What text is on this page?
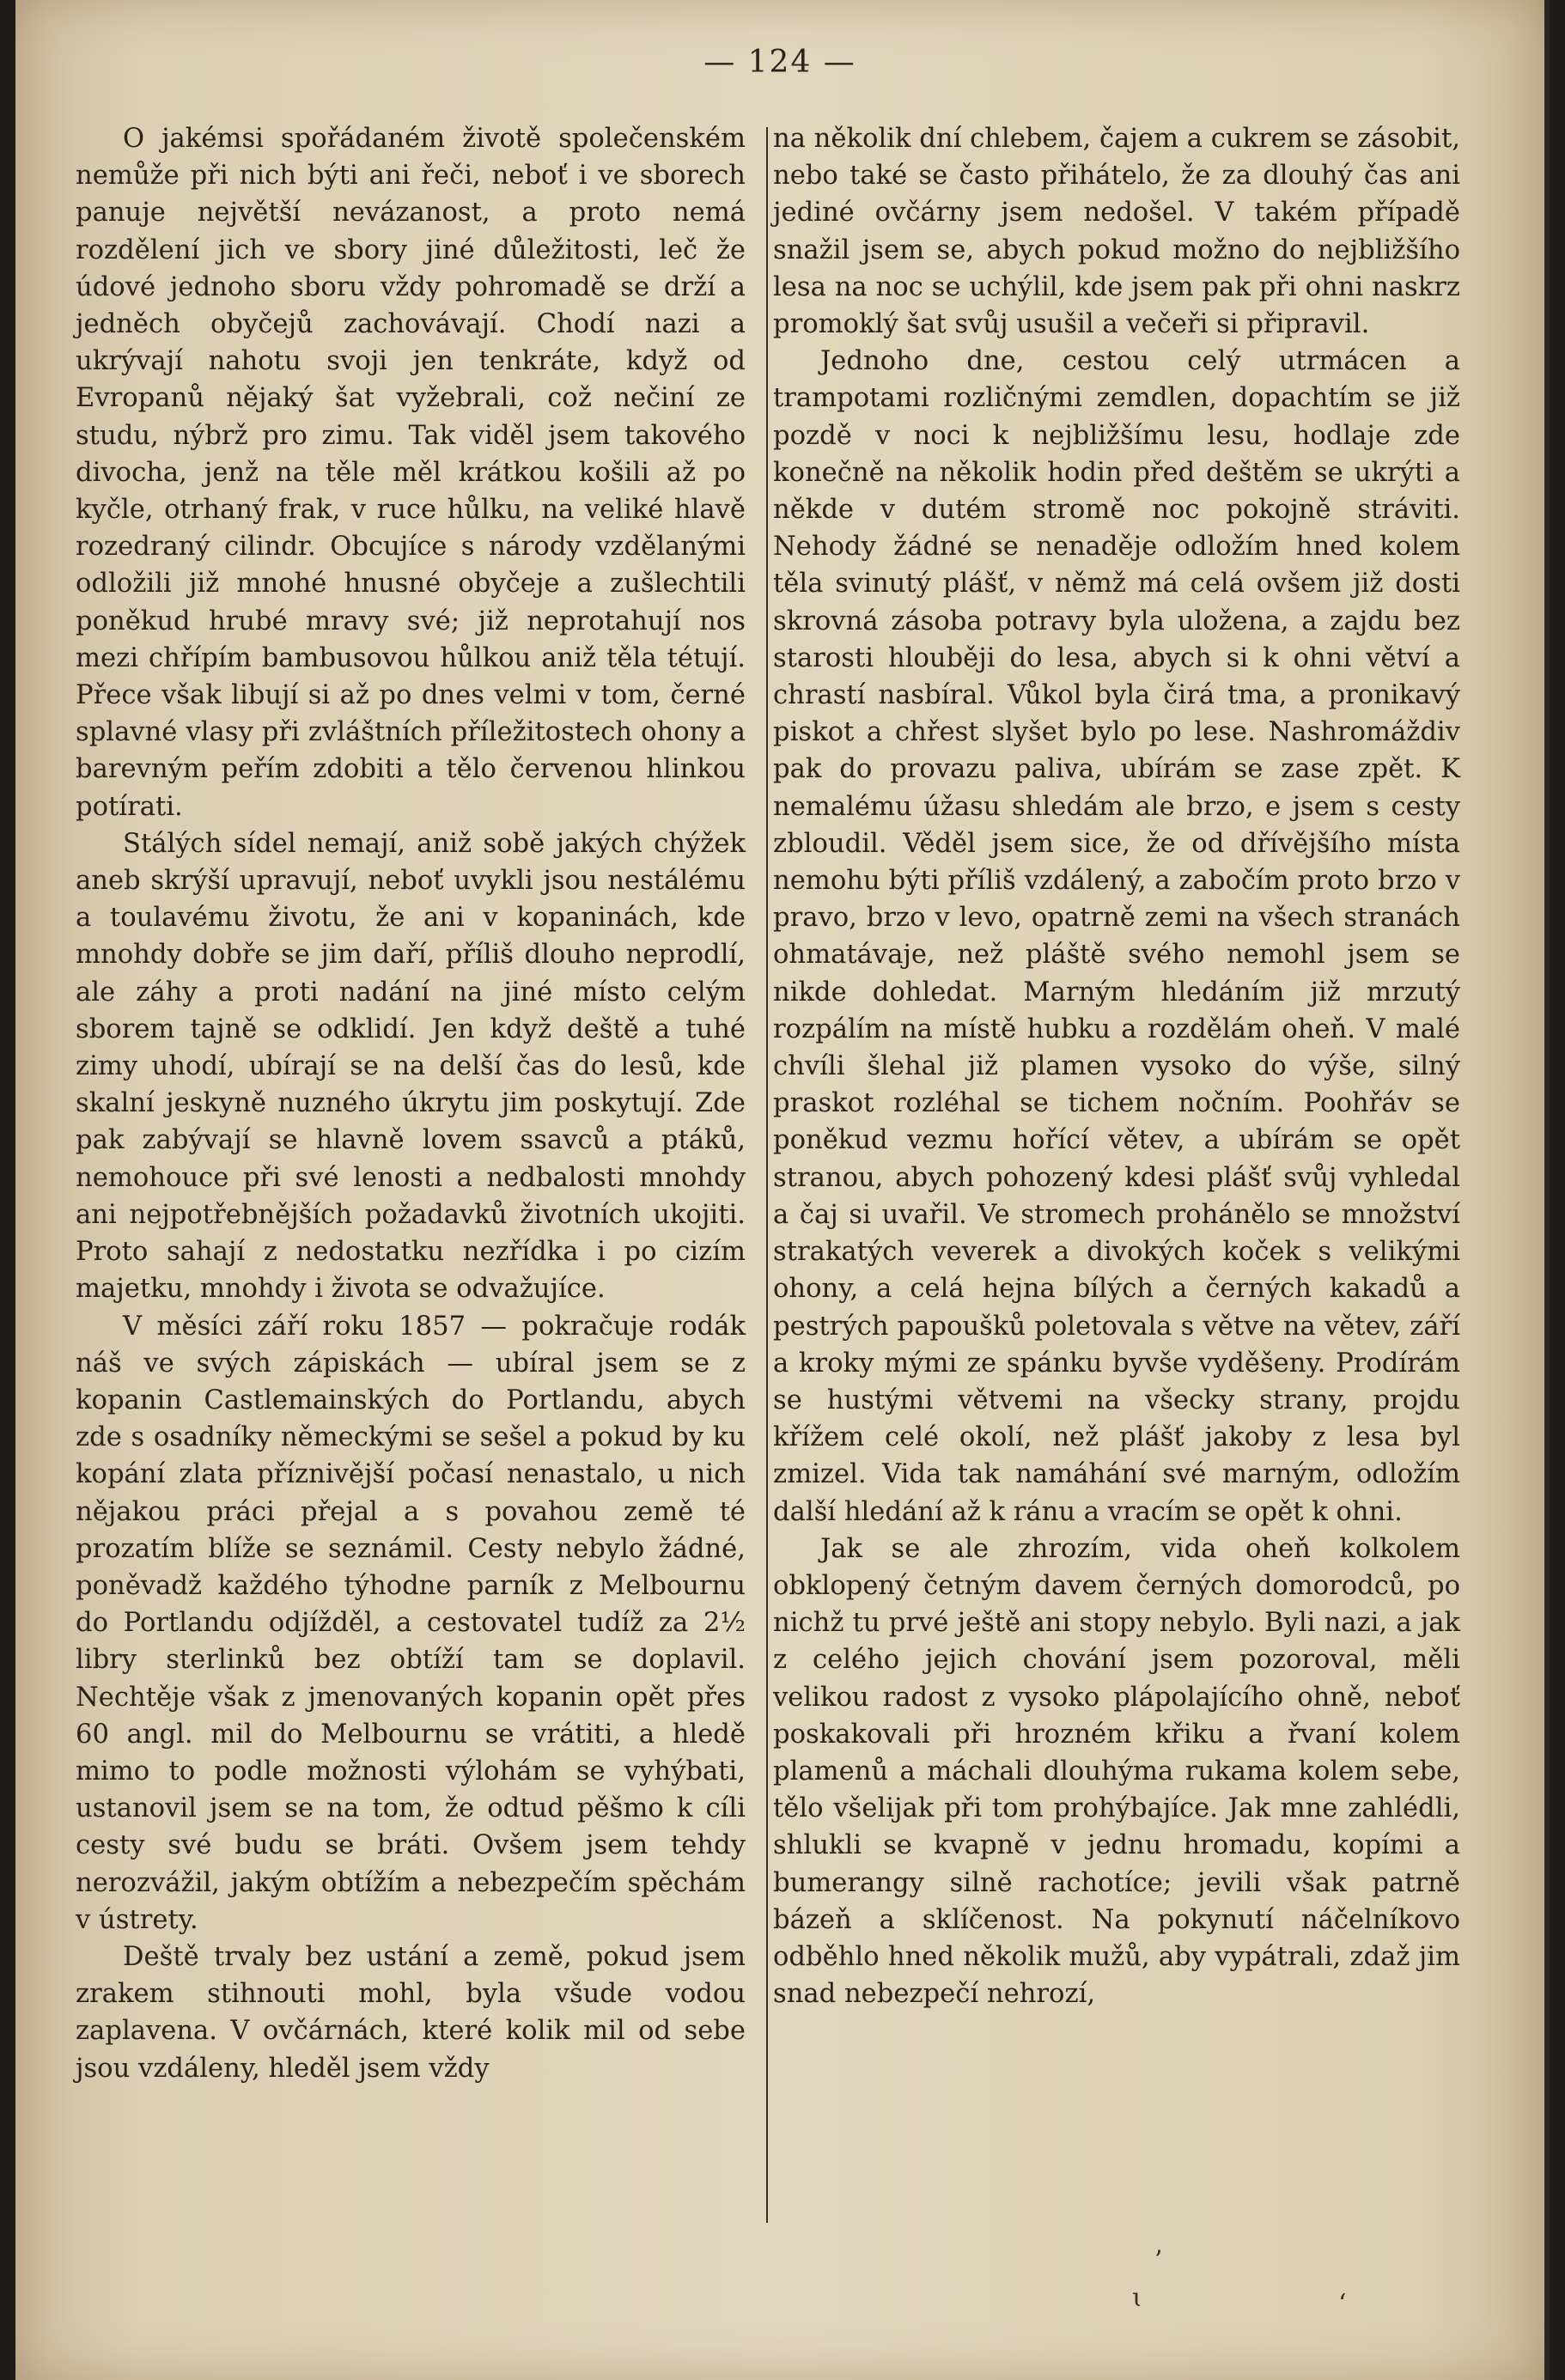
— 124 —

O jakémsi spořádaném životě společenském nemůže při nich býti ani řeči, neboť i ve sborech panuje největší nevázanost, a proto nemá rozdělení jich ve sbory jiné důležitosti, leč že údové jednoho sboru vždy pohromadě se drží a jedněch obyčejů zachovávají. Chodí nazi a ukrývají nahotu svoji jen tenkráte, když od Evropanů nějaký šat vyžebrali, což nečiní ze studu, nýbrž pro zimu. Tak viděl jsem takového divocha, jenž na těle měl krátkou košili až po kyčle, otrhaný frak, v ruce hůlku, na veliké hlavě rozedraný cilindr. Obcujíce s národy vzdělanými odložili již mnohé hnusné obyčeje a zušlechtili poněkud hrubé mravy své; již neprotahují nos mezi chřípím bambusovou hůlkou aniž těla tétují. Přece však libují si až po dnes velmi v tom, černé splavné vlasy při zvláštních příležitostech ohony a barevným peřím zdobiti a tělo červenou hlinkou potírati.

Stálých sídel nemají, aniž sobě jakých chýžek aneb skrýší upravují, neboť uvykli jsou nestálému a toulavému životu, že ani v kopaninách, kde mnohdy dobře se jim daří, příliš dlouho neprodlí, ale záhy a proti nadání na jiné místo celým sborem tajně se odklidí. Jen když deště a tuhé zimy uhodí, ubírají se na delší čas do lesů, kde skalní jeskyně nuzného úkrytu jim poskytují. Zde pak zabývají se hlavně lovem ssavců a ptáků, nemohouce při své lenosti a nedbalosti mnohdy ani nejpotřebnějších požadavků životních ukojiti. Proto sahají z nedostatku nezřídka i po cizím majetku, mnohdy i života se odvažujíce.

V měsíci září roku 1857 — pokračuje rodák náš ve svých zápiskách — ubíral jsem se z kopanin Castlemainských do Portlandu, abych zde s osadníky německými se sešel a pokud by ku kopání zlata příznivější počasí nenastalo, u nich nějakou práci přejal a s povahou země té prozatím blíže se seznámil. Cesty nebylo žádné, poněvadž každého týhodne parník z Melbournu do Portlandu odjížděl, a cestovatel tudíž za 2½ libry sterlinků bez obtíží tam se doplavil. Nechtěje však z jmenovaných kopanin opět přes 60 angl. mil do Melbournu se vrátiti, a hledě mimo to podle možnosti výlohám se vyhýbati, ustanovil jsem se na tom, že odtud pěšmo k cíli cesty své budu se bráti. Ovšem jsem tehdy nerozvážil, jakým obtížím a nebezpečím spěchám v ústrety.

Deště trvaly bez ustání a země, pokud jsem zrakem stihnouti mohl, byla všude vodou zaplavena. V ovčárnách, které kolik mil od sebe jsou vzdáleny, hleděl jsem vždy

na několik dní chlebem, čajem a cukrem se zásobit, nebo také se často přihátelo, že za dlouhý čas ani jediné ovčárny jsem nedošel. V takém případě snažil jsem se, abych pokud možno do nejbližšího lesa na noc se uchýlil, kde jsem pak při ohni naskrz promoklý šat svůj usušil a večeři si připravil.

Jednoho dne, cestou celý utrmácen a trampotami rozličnými zemdlen, dopachtím se již pozdě v noci k nejbližšímu lesu, hodlaje zde konečně na několik hodin před deštěm se ukrýti a někde v dutém stromě noc pokojně stráviti. Nehody žádné se nenaděje odložím hned kolem těla svinutý plášť, v němž má celá ovšem již dosti skrovná zásoba potravy byla uložena, a zajdu bez starosti hlouběji do lesa, abych si k ohni větví a chrastí nasbíral. Vůkol byla čirá tma, a pronikavý piskot a chřest slyšet bylo po lese. Nashromáždiv pak do provazu paliva, ubírám se zase zpět. K nemalému úžasu shledám ale brzo, e jsem s cesty zbloudil. Věděl jsem sice, že od dřívějšího místa nemohu býti příliš vzdálený, a zabočím proto brzo v pravo, brzo v levo, opatrně zemi na všech stranách ohmatávaje, než pláště svého nemohl jsem se nikde dohledat. Marným hledáním již mrzutý rozpálím na místě hubku a rozdělám oheň. V malé chvíli šlehal již plamen vysoko do výše, silný praskot rozléhal se tichem nočním. Poohřáv se poněkud vezmu hořící větev, a ubírám se opět stranou, abych pohozený kdesi plášť svůj vyhledal a čaj si uvařil. Ve stromech prohánělo se množství strakatých veverek a divokých koček s velikými ohony, a celá hejna bílých a černých kakadů a pestrých papoušků poletovala s větve na větev, září a kroky mými ze spánku byvše vyděšeny. Prodírám se hustými větvemi na všecky strany, projdu křížem celé okolí, než plášť jakoby z lesa byl zmizel. Vida tak namáhání své marným, odložím další hledání až k ránu a vracím se opět k ohni.

Jak se ale zhrozím, vida oheň kolkolem obklopený četným davem černých domorodců, po nichž tu prvé ještě ani stopy nebylo. Byli nazi, a jak z celého jejich chování jsem pozoroval, měli velikou radost z vysoko plápolajícího ohně, neboť poskakovali při hrozném křiku a řvaní kolem plamenů a máchali dlouhýma rukama kolem sebe, tělo všelijak při tom prohýbajíce. Jak mne zahlédli, shlukli se kvapně v jednu hromadu, kopími a bumerangy silně rachotíce; jevili však patrně bázeň a sklíčenost. Na pokynutí náčelníkovo odběhlo hned několik mužů, aby vypátrali, zdaž jim snad nebezpečí nehrozí,

ʼ
ɩ	ʻ
